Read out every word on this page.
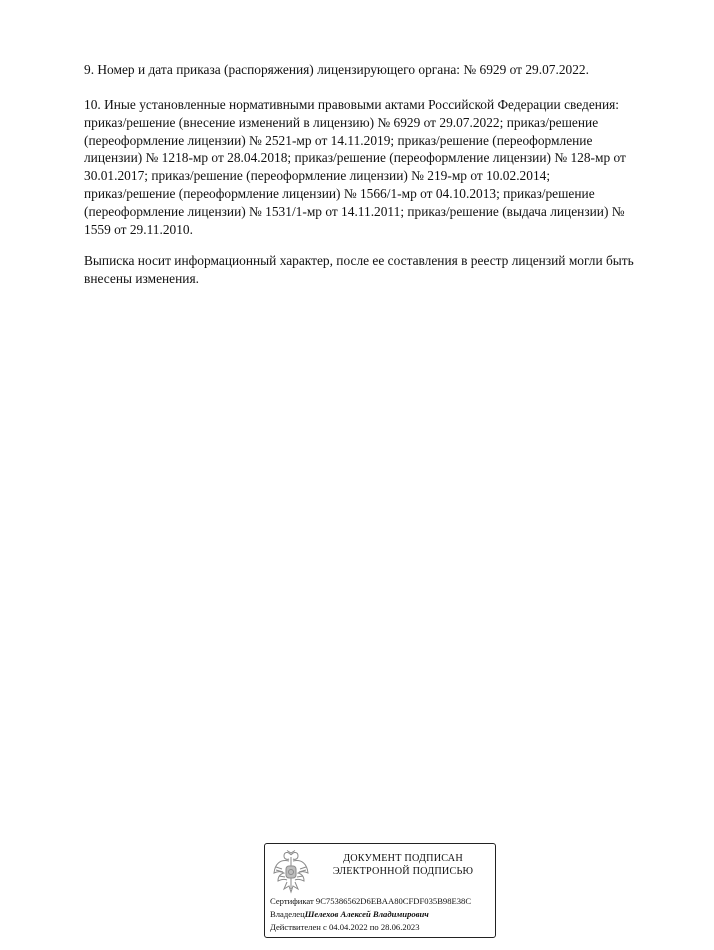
9. Номер и дата приказа (распоряжения) лицензирующего органа: № 6929 от 29.07.2022.
10. Иные установленные нормативными правовыми актами Российской Федерации сведения:
приказ/решение (внесение изменений в лицензию) № 6929 от 29.07.2022; приказ/решение
(переоформление лицензии) № 2521-мр от 14.11.2019; приказ/решение (переоформление
лицензии) № 1218-мр от 28.04.2018; приказ/решение (переоформление лицензии) № 128-мр от
30.01.2017; приказ/решение (переоформление лицензии) № 219-мр от 10.02.2014;
приказ/решение (переоформление лицензии) № 1566/1-мр от 04.10.2013; приказ/решение
(переоформление лицензии) № 1531/1-мр от 14.11.2011; приказ/решение (выдача лицензии) №
1559 от 29.11.2010.
Выписка носит информационный характер, после ее составления в реестр лицензий могли быть
внесены изменения.
ДОКУМЕНТ ПОДПИСАН
ЭЛЕКТРОННОЙ ПОДПИСЬЮ
Сертификат 9C75386562D6EBAA80CFDF035B98E38C
ВладелецШелехов Алексей Владимирович
Действителен с 04.04.2022 по 28.06.2023
